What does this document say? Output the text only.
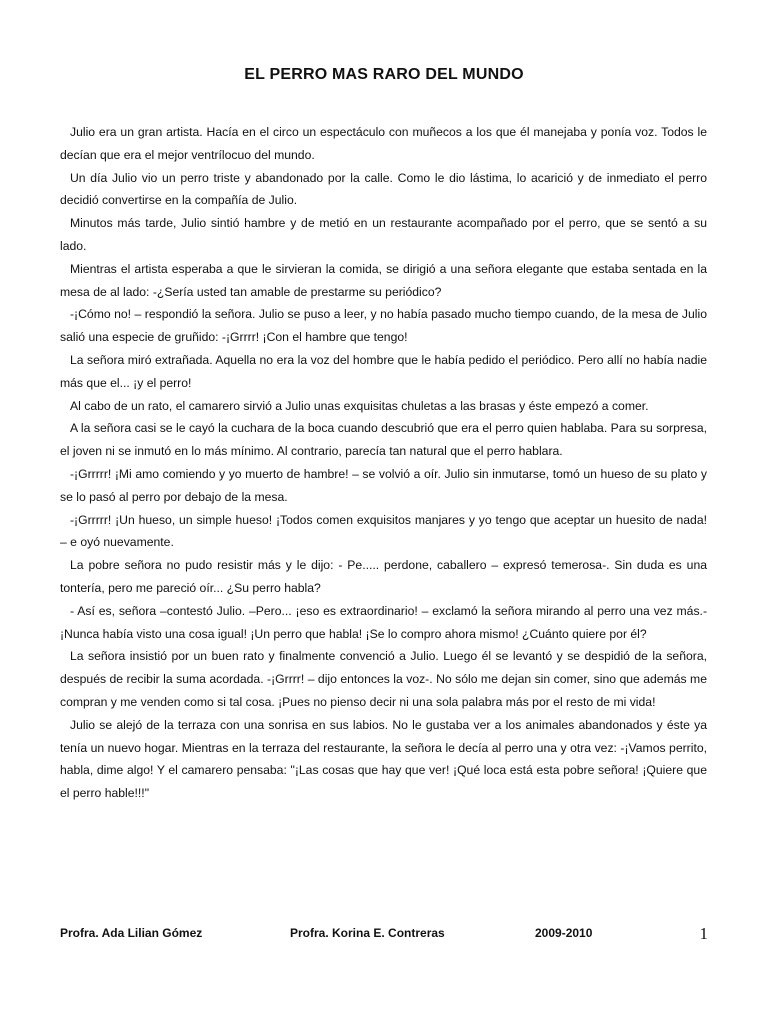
EL PERRO MAS RARO DEL MUNDO

Julio era un gran artista. Hacía en el circo un espectáculo con muñecos a los que él manejaba y ponía voz. Todos le decían que era el mejor ventrílocuo del mundo.

Un día Julio vio un perro triste y abandonado por la calle. Como le dio lástima, lo acarició y de inmediato el perro decidió convertirse en la compañía de Julio.

Minutos más tarde, Julio sintió hambre y de metió en un restaurante acompañado por el perro, que se sentó a su lado.

Mientras el artista esperaba a que le sirvieran la comida, se dirigió a una señora elegante que estaba sentada en la mesa de al lado: -¿Sería usted tan amable de prestarme su periódico?

-¡Cómo no! – respondió la señora. Julio se puso a leer, y no había pasado mucho tiempo cuando, de la mesa de Julio salió una especie de gruñido: -¡Grrrr! ¡Con el hambre que tengo!

La señora miró extrañada. Aquella no era la voz del hombre que le había pedido el periódico. Pero allí no había nadie más que el... ¡y el perro!

Al cabo de un rato, el camarero sirvió a Julio unas exquisitas chuletas a las brasas y éste empezó a comer.

A la señora casi se le cayó la cuchara de la boca cuando descubrió que era el perro quien hablaba. Para su sorpresa, el joven ni se inmutó en lo más mínimo. Al contrario, parecía tan natural que el perro hablara.

-¡Grrrrr! ¡Mi amo comiendo y yo muerto de hambre! – se volvió a oír. Julio sin inmutarse, tomó un hueso de su plato y se lo pasó al perro por debajo de la mesa.

-¡Grrrrr! ¡Un hueso, un simple hueso! ¡Todos comen exquisitos manjares y yo tengo que aceptar un huesito de nada! – e oyó nuevamente.

La pobre señora no pudo resistir más y le dijo: - Pe..... perdone, caballero – expresó temerosa-. Sin duda es una tontería, pero me pareció oír... ¿Su perro habla?

- Así es, señora –contestó Julio. –Pero... ¡eso es extraordinario! – exclamó la señora mirando al perro una vez más.- ¡Nunca había visto una cosa igual! ¡Un perro que habla! ¡Se lo compro ahora mismo! ¿Cuánto quiere por él?

La señora insistió por un buen rato y finalmente convenció a Julio. Luego él se levantó y se despidió de la señora, después de recibir la suma acordada. -¡Grrrr! – dijo entonces la voz-. No sólo me dejan sin comer, sino que además me compran y me venden como si tal cosa. ¡Pues no pienso decir ni una sola palabra más por el resto de mi vida!

Julio se alejó de la terraza con una sonrisa en sus labios. No le gustaba ver a los animales abandonados y éste ya tenía un nuevo hogar. Mientras en la terraza del restaurante, la señora le decía al perro una y otra vez: -¡Vamos perrito, habla, dime algo! Y el camarero pensaba: "¡Las cosas que hay que ver! ¡Qué loca está esta pobre señora! ¡Quiere que el perro hable!!!"

Profra. Ada Lilian Gómez	Profra. Korina E. Contreras	2009-2010	1
